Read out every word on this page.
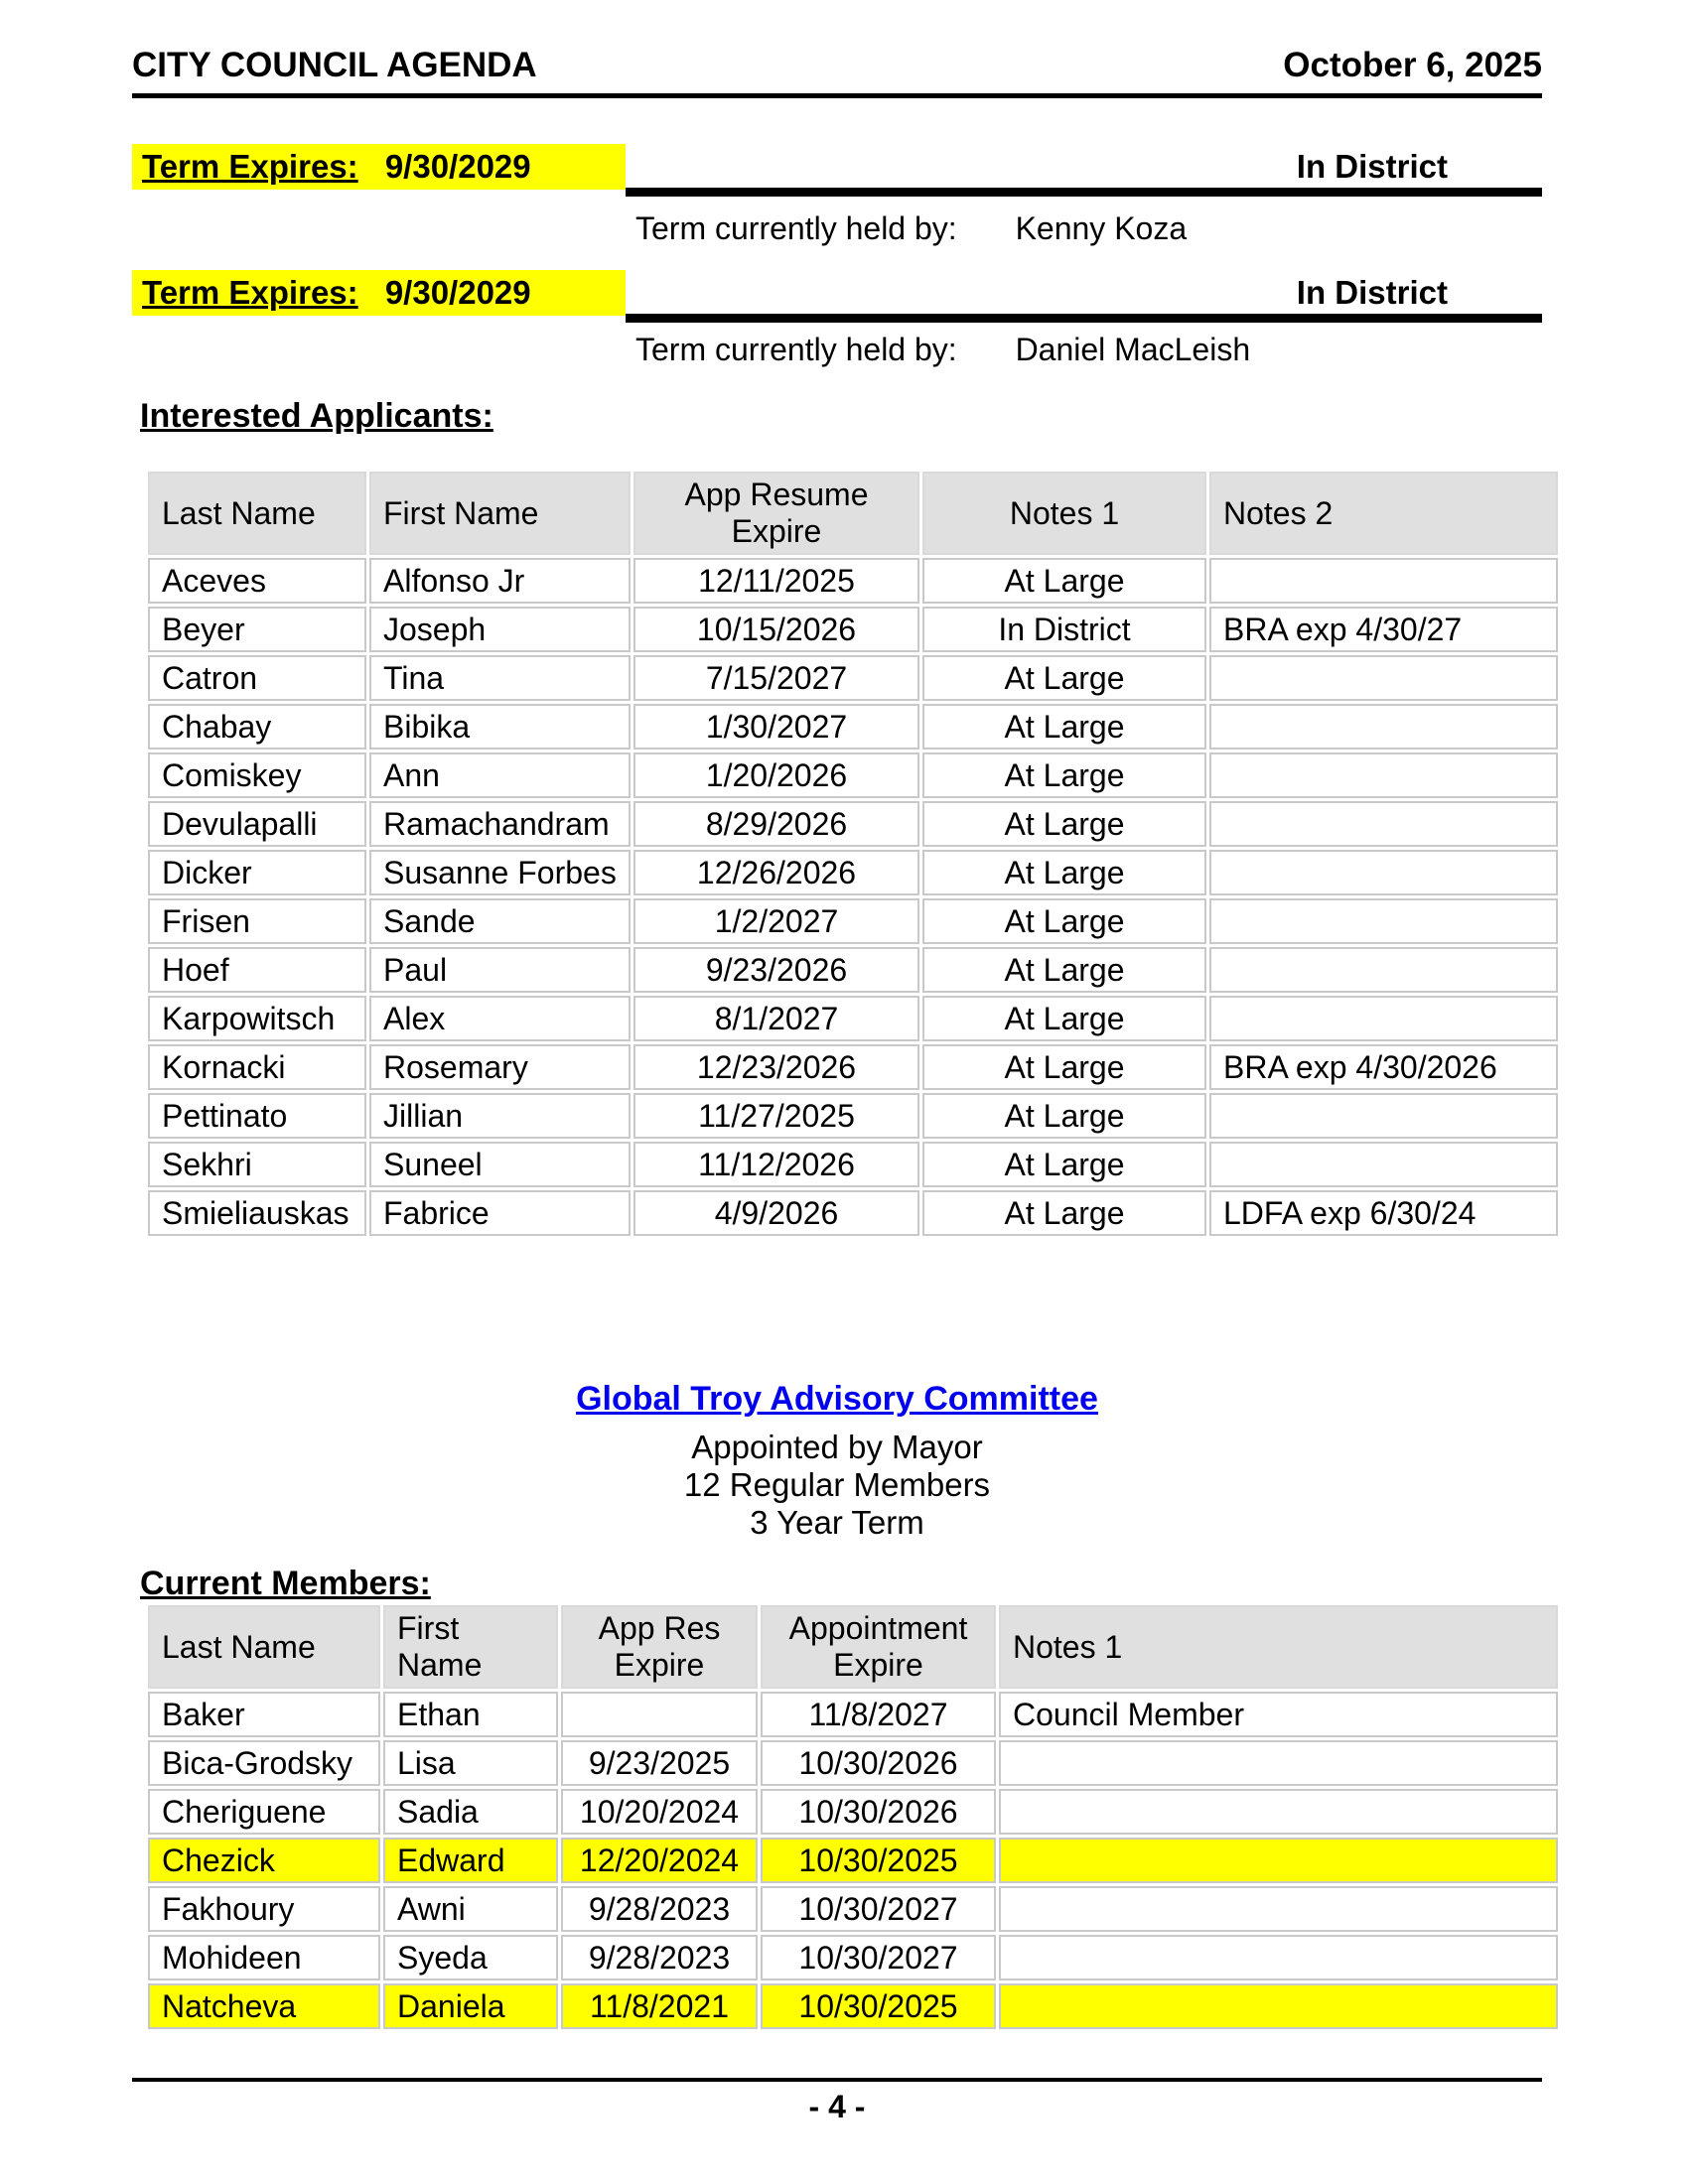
CITY COUNCIL AGENDA	October 6, 2025
Term Expires: 9/30/2029	In District
Term currently held by: Kenny Koza
Term Expires: 9/30/2029	In District
Term currently held by: Daniel MacLeish
Interested Applicants:
Last Name	First Name	App Resume Expire	Notes 1	Notes 2
Aceves	Alfonso Jr	12/11/2025	At Large	
Beyer	Joseph	10/15/2026	In District	BRA exp 4/30/27
Catron	Tina	7/15/2027	At Large	
Chabay	Bibika	1/30/2027	At Large	
Comiskey	Ann	1/20/2026	At Large	
Devulapalli	Ramachandram	8/29/2026	At Large	
Dicker	Susanne Forbes	12/26/2026	At Large	
Frisen	Sande	1/2/2027	At Large	
Hoef	Paul	9/23/2026	At Large	
Karpowitsch	Alex	8/1/2027	At Large	
Kornacki	Rosemary	12/23/2026	At Large	BRA exp 4/30/2026
Pettinato	Jillian	11/27/2025	At Large	
Sekhri	Suneel	11/12/2026	At Large	
Smieliauskas	Fabrice	4/9/2026	At Large	LDFA exp 6/30/24
Global Troy Advisory Committee
Appointed by Mayor
12 Regular Members
3 Year Term
Current Members:
Last Name	First Name	App Res Expire	Appointment Expire	Notes 1
Baker	Ethan		11/8/2027	Council Member
Bica-Grodsky	Lisa	9/23/2025	10/30/2026	
Cheriguene	Sadia	10/20/2024	10/30/2026	
Chezick	Edward	12/20/2024	10/30/2025	
Fakhoury	Awni	9/28/2023	10/30/2027	
Mohideen	Syeda	9/28/2023	10/30/2027	
Natcheva	Daniela	11/8/2021	10/30/2025	
- 4 -
